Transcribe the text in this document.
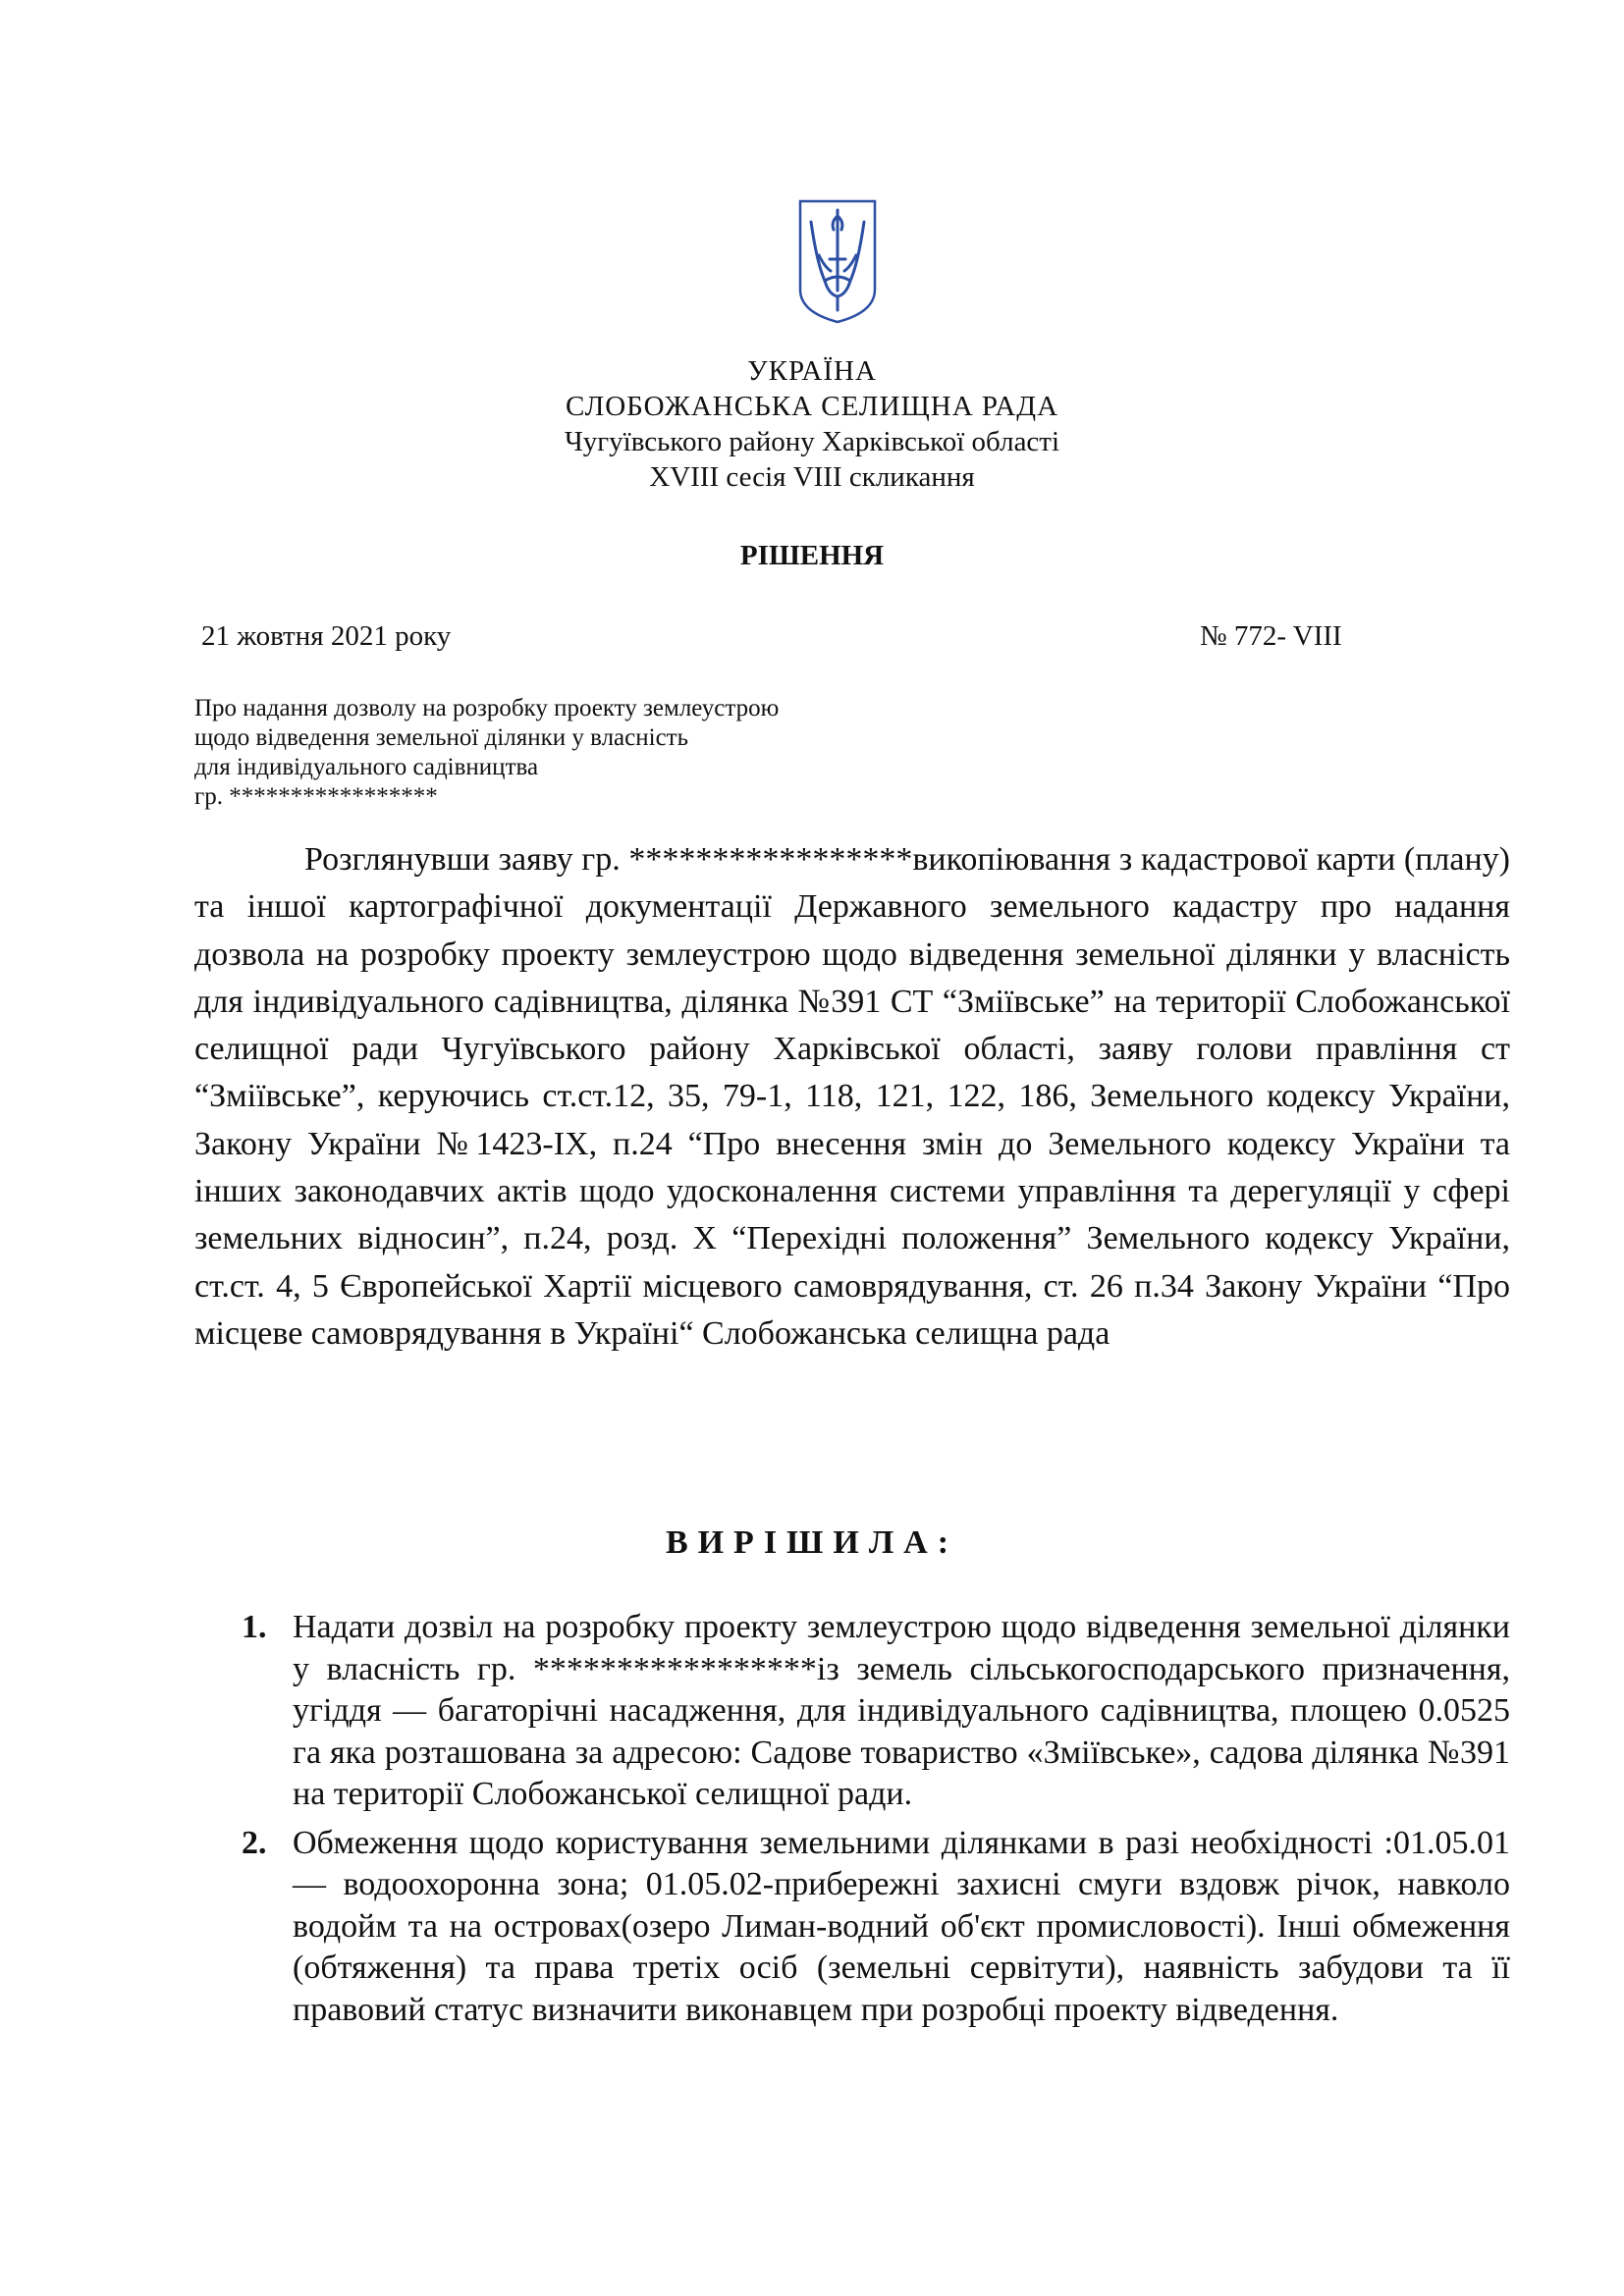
УКРАЇНА
СЛОБОЖАНСЬКА СЕЛИЩНА РАДА
Чугуївського району Харківської області
XVIII сесія VIII скликання
РІШЕННЯ
21 жовтня 2021 року	№ 772- VIII
Про надання дозволу на розробку проекту землеустрою
щодо відведення земельної ділянки у власність
для індивідуального садівництва
гр. *****************

Розглянувши заяву гр. *****************викопіювання з кадастрової карти (плану) та іншої картографічної документації Державного земельного кадастру про надання дозвола на розробку проекту землеустрою щодо відведення земельної ділянки у власність для індивідуального садівництва, ділянка №391 СТ “Зміївське” на території Слобожанської селищної ради Чугуївського району Харківської області, заяву голови правління ст “Зміївське”, керуючись ст.ст.12, 35, 79-1, 118, 121, 122, 186, Земельного кодексу України, Закону України №1423-IX, п.24 “Про внесення змін до Земельного кодексу України та інших законодавчих актів щодо удосконалення системи управління та дерегуляції у сфері земельних відносин”, п.24, розд. X “Перехідні положення” Земельного кодексу України, ст.ст. 4, 5 Європейської Хартії місцевого самоврядування, ст. 26 п.34 Закону України “Про місцеве самоврядування в Україні“ Слобожанська селищна рада

ВИРІШИЛА:
1. Надати дозвіл на розробку проекту землеустрою щодо відведення земельної ділянки у власність гр. *****************із земель сільськогосподарського призначення, угіддя — багаторічні насадження, для індивідуального садівництва, площею 0.0525 га яка розташована за адресою: Садове товариство «Зміївське», садова ділянка №391 на території Слобожанської селищної ради.
2. Обмеження щодо користування земельними ділянками в разі необхідності :01.05.01 — водоохоронна зона; 01.05.02-прибережні захисні смуги вздовж річок, навколо водойм та на островах(озеро Лиман-водний об'єкт промисловості). Інші обмеження (обтяження) та права третіх осіб (земельні сервітути), наявність забудови та її правовий статус визначити виконавцем при розробці проекту відведення.
